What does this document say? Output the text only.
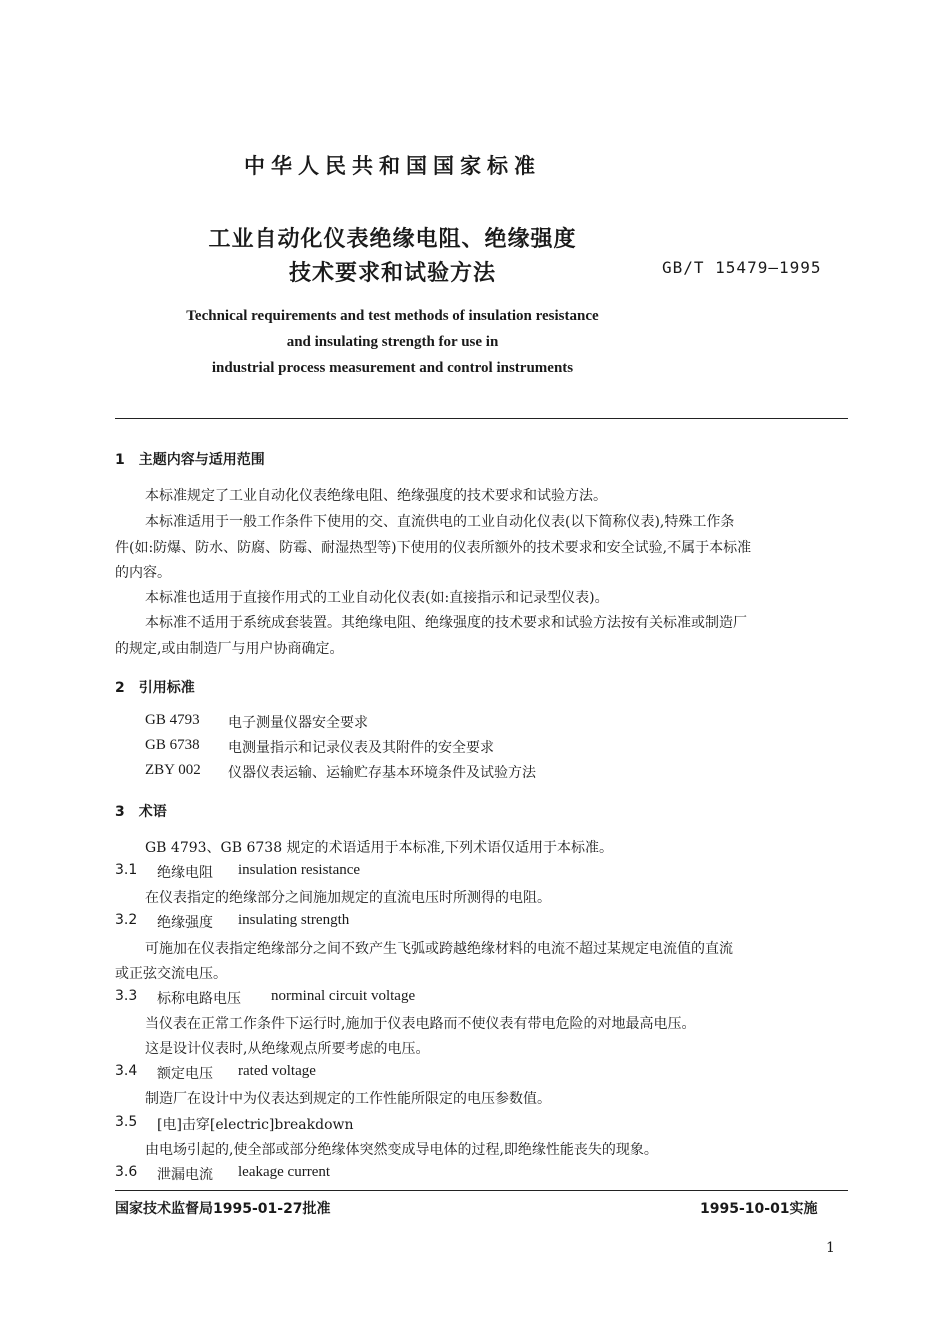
中华人民共和国国家标准
工业自动化仪表绝缘电阻、绝缘强度
技术要求和试验方法	GB/T 15479—1995
Technical requirements and test methods of insulation resistance
and insulating strength for use in
industrial process measurement and control instruments
1　主题内容与适用范围
本标准规定了工业自动化仪表绝缘电阻、绝缘强度的技术要求和试验方法。
本标准适用于一般工作条件下使用的交、直流供电的工业自动化仪表(以下简称仪表),特殊工作条
件(如:防爆、防水、防腐、防霉、耐湿热型等)下使用的仪表所额外的技术要求和安全试验,不属于本标准
的内容。
本标准也适用于直接作用式的工业自动化仪表(如:直接指示和记录型仪表)。
本标准不适用于系统成套装置。其绝缘电阻、绝缘强度的技术要求和试验方法按有关标准或制造厂
的规定,或由制造厂与用户协商确定。
2　引用标准
GB 4793 电子测量仪器安全要求
GB 6738 电测量指示和记录仪表及其附件的安全要求
ZBY 002 仪器仪表运输、运输贮存基本环境条件及试验方法
3　术语
GB 4793、GB 6738 规定的术语适用于本标准,下列术语仅适用于本标准。
3.1 绝缘电阻 insulation resistance
在仪表指定的绝缘部分之间施加规定的直流电压时所测得的电阻。
3.2 绝缘强度 insulating strength
可施加在仪表指定绝缘部分之间不致产生飞弧或跨越绝缘材料的电流不超过某规定电流值的直流
或正弦交流电压。
3.3 标称电路电压 norminal circuit voltage
当仪表在正常工作条件下运行时,施加于仪表电路而不使仪表有带电危险的对地最高电压。
这是设计仪表时,从绝缘观点所要考虑的电压。
3.4 额定电压 rated voltage
制造厂在设计中为仪表达到规定的工作性能所限定的电压参数值。
3.5 [电]击穿[electric]breakdown
由电场引起的,使全部或部分绝缘体突然变成导电体的过程,即绝缘性能丧失的现象。
3.6 泄漏电流 leakage current
国家技术监督局1995-01-27批准	1995-10-01实施
1
